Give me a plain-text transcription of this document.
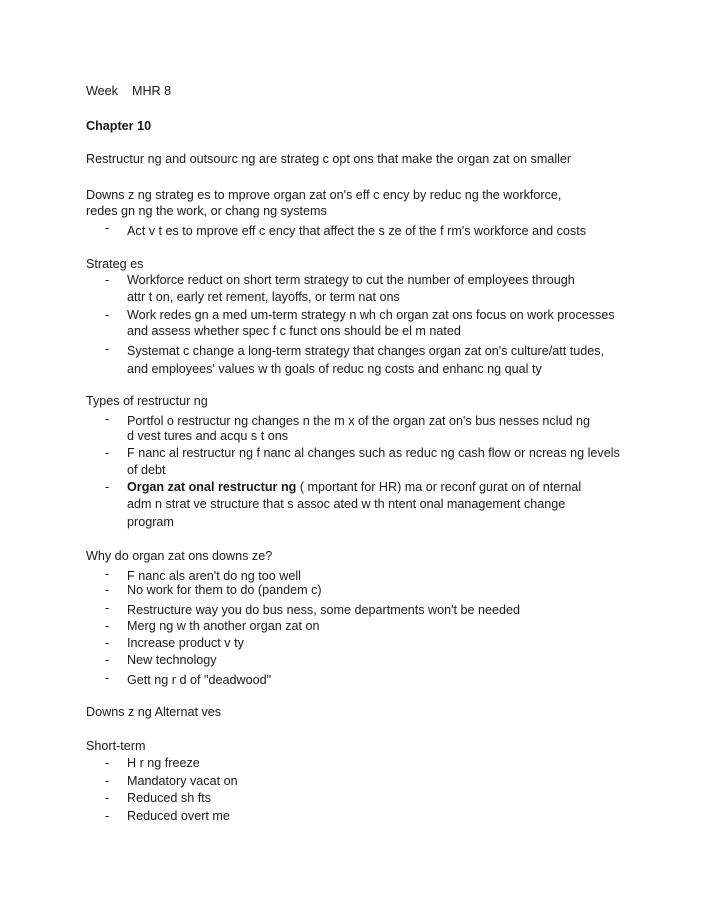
Week MHR 8
Chapter 10
Restructur ng and outsourc ng are strateg c opt ons that make the organ zat on smaller
Downs z ng strateg es to mprove organ zat on's eff c ency by reduc ng the workforce,
redes gn ng the work, or chang ng systems
- Act v t es to mprove eff c ency that affect the s ze of the f rm's workforce and costs
Strateg es
- Workforce reduct on short term strategy to cut the number of employees through
attr t on, early ret rement, layoffs, or term nat ons
- Work redes gn a med um-term strategy n wh ch organ zat ons focus on work processes
and assess whether spec f c funct ons should be el m nated
- Systemat c change a long-term strategy that changes organ zat on's culture/att tudes,
and employees' values w th goals of reduc ng costs and enhanc ng qual ty
Types of restructur ng
- Portfol o restructur ng changes n the m x of the organ zat on's bus nesses nclud ng
d vest tures and acqu s t ons
- F nanc al restructur ng f nanc al changes such as reduc ng cash flow or ncreas ng levels
of debt
- Organ zat onal restructur ng ( mportant for HR) ma or reconf gurat on of nternal
adm n strat ve structure that s assoc ated w th ntent onal management change
program
Why do organ zat ons downs ze?
- F nanc als aren't do ng too well
- No work for them to do (pandem c)
- Restructure way you do bus ness, some departments won't be needed
- Merg ng w th another organ zat on
- Increase product v ty
- New technology
- Gett ng r d of "deadwood"
Downs z ng Alternat ves
Short-term
- H r ng freeze
- Mandatory vacat on
- Reduced sh fts
- Reduced overt me
